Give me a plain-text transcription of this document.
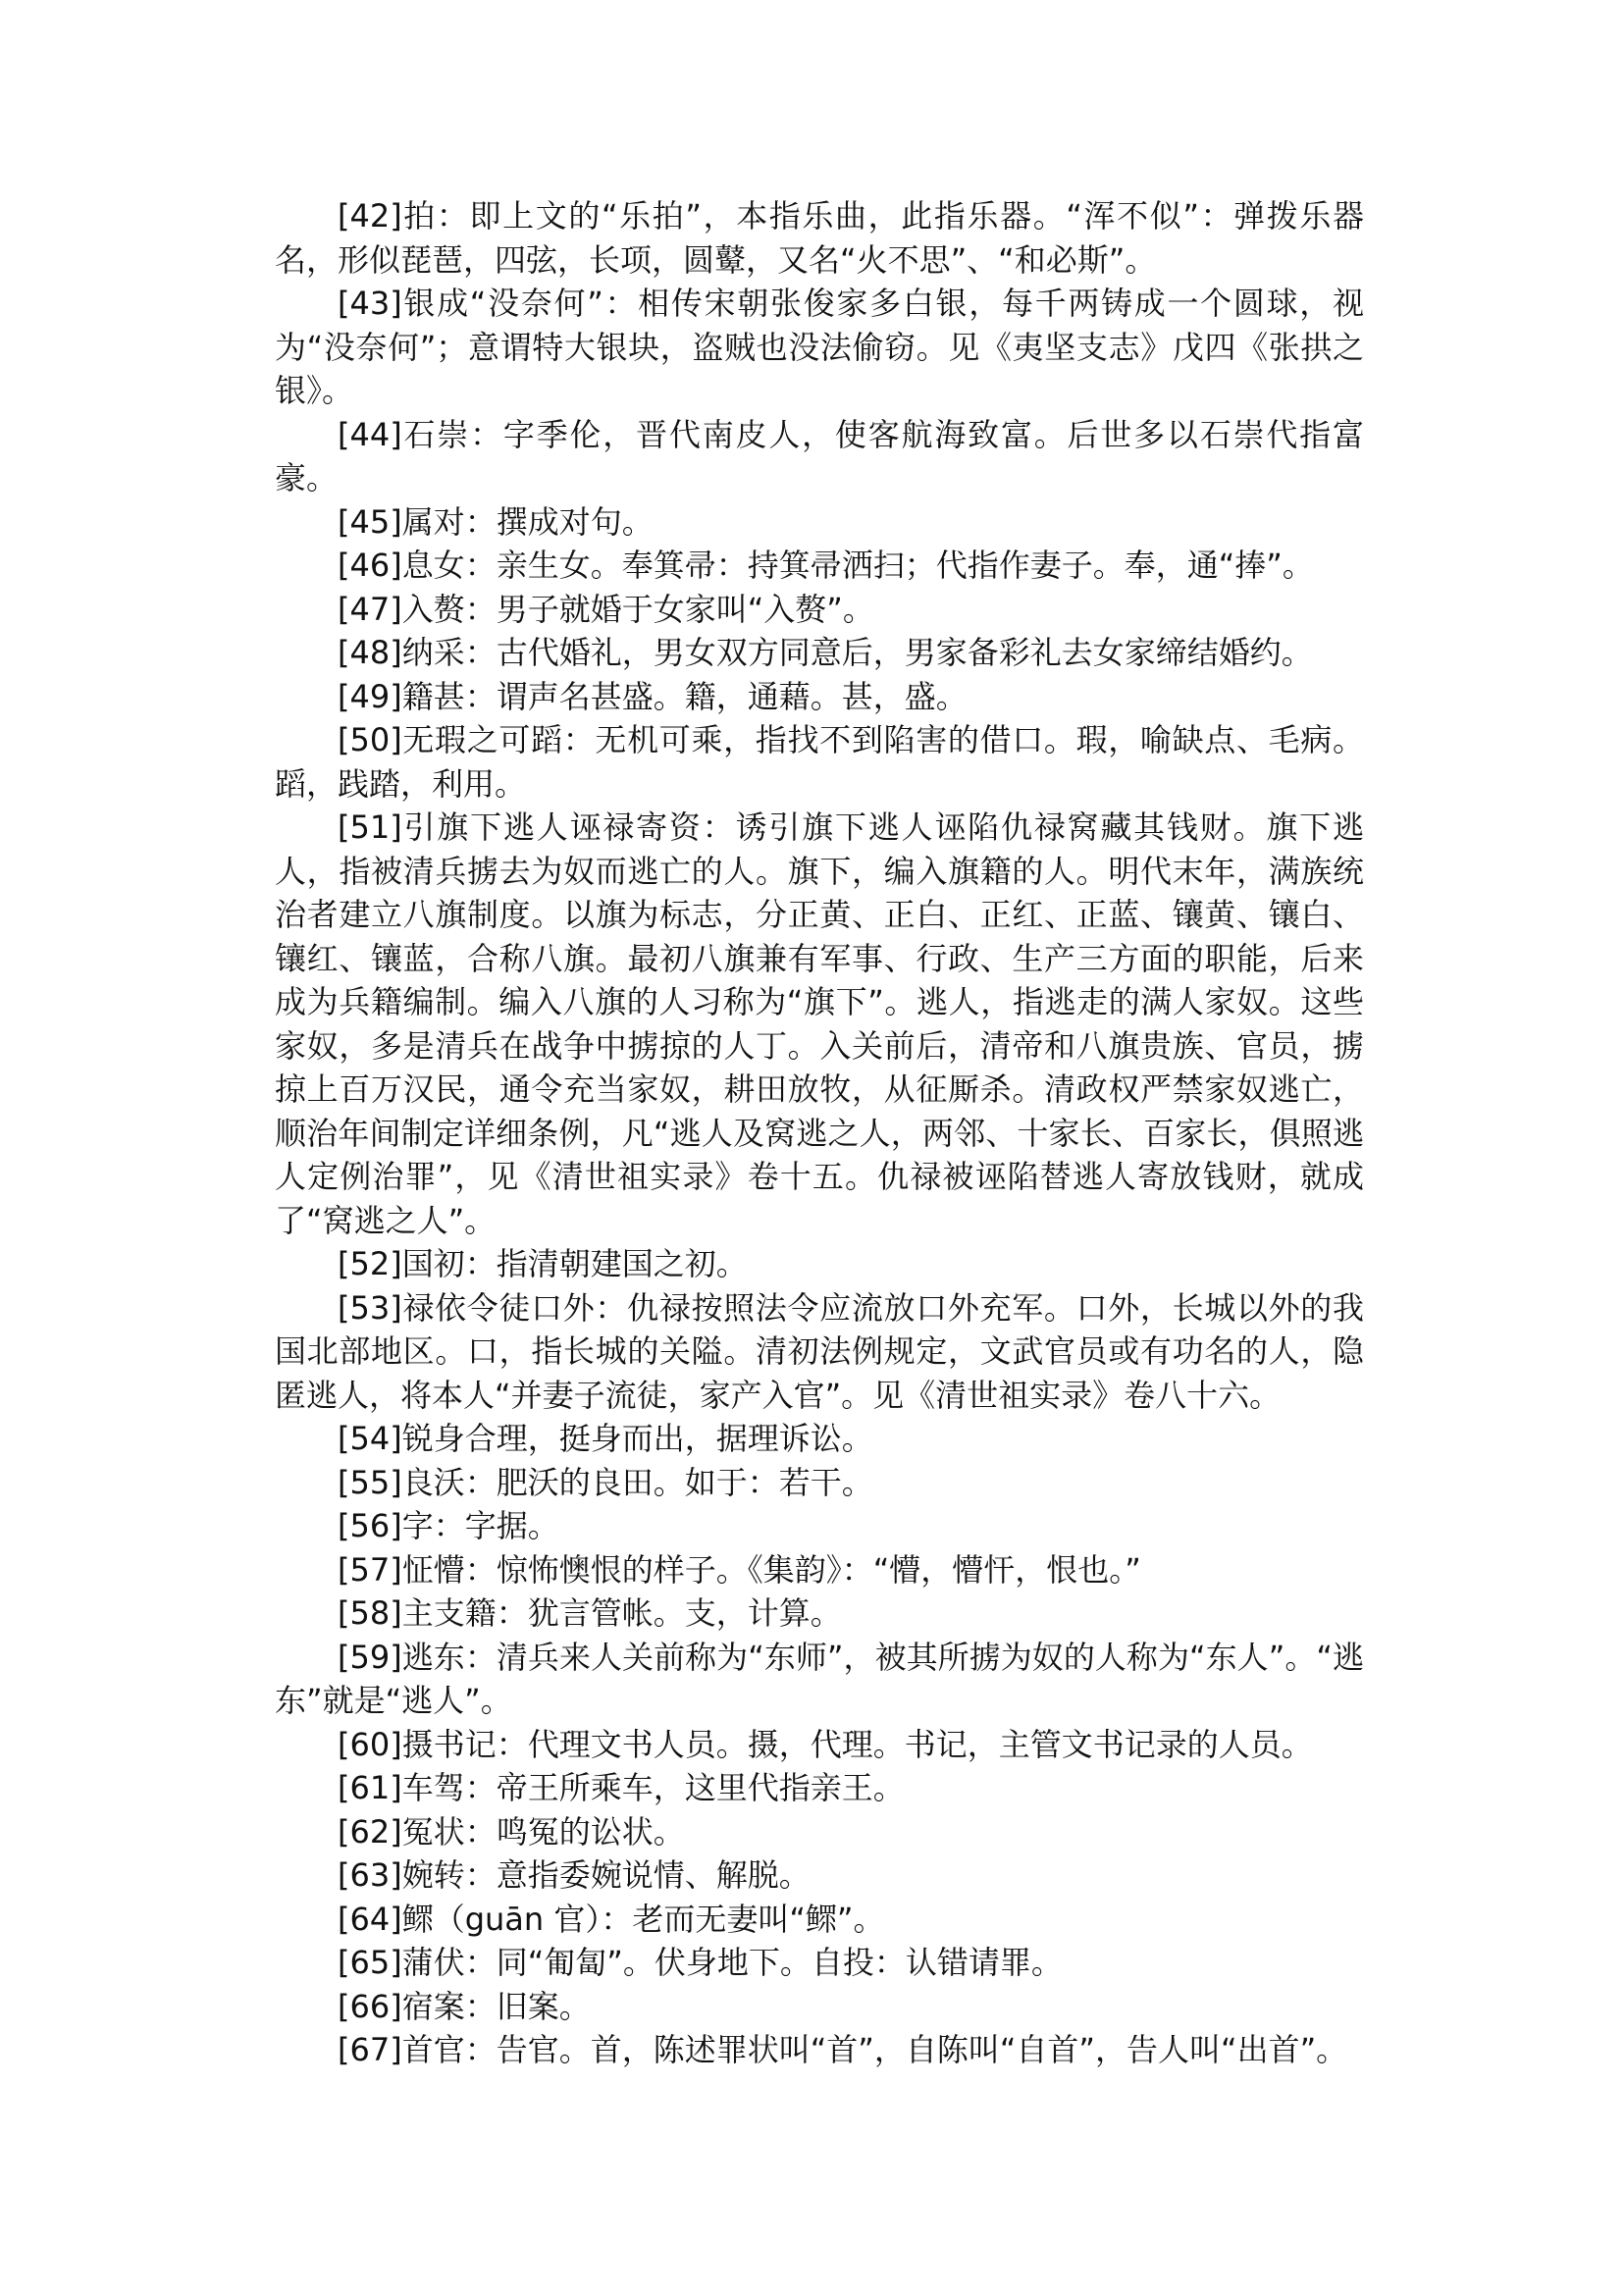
[42]拍：即上文的“乐拍”，本指乐曲，此指乐器。“浑不似”：弹拨乐器名，形似琵琶，四弦，长项，圆鼙，又名“火不思”、“和必斯”。

[43]银成“没奈何”：相传宋朝张俊家多白银，每千两铸成一个圆球，视为“没奈何”；意谓特大银块，盗贼也没法偷窃。见《夷坚支志》戊四《张拱之银》。

[44]石崇：字季伦，晋代南皮人，使客航海致富。后世多以石崇代指富豪。

[45]属对：撰成对句。

[46]息女：亲生女。奉箕帚：持箕帚洒扫；代指作妻子。奉，通“捧”。

[47]入赘：男子就婚于女家叫“入赘”。

[48]纳采：古代婚礼，男女双方同意后，男家备彩礼去女家缔结婚约。

[49]籍甚：谓声名甚盛。籍，通藉。甚，盛。

[50]无瑕之可蹈：无机可乘，指找不到陷害的借口。瑕，喻缺点、毛病。蹈，践踏，利用。

[51]引旗下逃人诬禄寄资：诱引旗下逃人诬陷仇禄窝藏其钱财。旗下逃人，指被清兵掳去为奴而逃亡的人。旗下，编入旗籍的人。明代末年，满族统治者建立八旗制度。以旗为标志，分正黄、正白、正红、正蓝、镶黄、镶白、镶红、镶蓝，合称八旗。最初八旗兼有军事、行政、生产三方面的职能，后来成为兵籍编制。编入八旗的人习称为“旗下”。逃人，指逃走的满人家奴。这些家奴，多是清兵在战争中掳掠的人丁。入关前后，清帝和八旗贵族、官员，掳掠上百万汉民，通令充当家奴，耕田放牧，从征厮杀。清政权严禁家奴逃亡，顺治年间制定详细条例，凡“逃人及窝逃之人，两邻、十家长、百家长，俱照逃人定例治罪”，见《清世祖实录》卷十五。仇禄被诬陷替逃人寄放钱财，就成了“窝逃之人”。

[52]国初：指清朝建国之初。

[53]禄依令徒口外：仇禄按照法令应流放口外充军。口外，长城以外的我国北部地区。口，指长城的关隘。清初法例规定，文武官员或有功名的人，隐匿逃人，将本人“并妻子流徒，家产入官”。见《清世祖实录》卷八十六。

[54]锐身合理，挺身而出，据理诉讼。

[55]良沃：肥沃的良田。如于：若干。

[56]字：字据。

[57]怔懵：惊怖懊恨的样子。《集韵》：“懵，懵忓，恨也。”

[58]主支籍：犹言管帐。支，计算。

[59]逃东：清兵来人关前称为“东师”，被其所掳为奴的人称为“东人”。“逃东”就是“逃人”。

[60]摄书记：代理文书人员。摄，代理。书记，主管文书记录的人员。

[61]车驾：帝王所乘车，这里代指亲王。

[62]冤状：鸣冤的讼状。

[63]婉转：意指委婉说情、解脱。

[64]鳏（guān 官）：老而无妻叫“鳏”。

[65]蒲伏：同“匍匐”。伏身地下。自投：认错请罪。

[66]宿案：旧案。

[67]首官：告官。首，陈述罪状叫“首”，自陈叫“自首”，告人叫“出首”。
